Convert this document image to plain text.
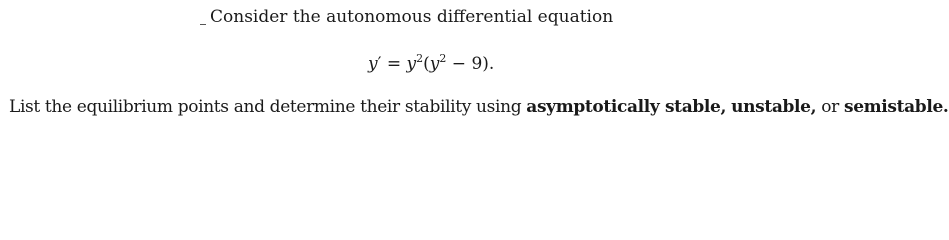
Consider the autonomous differential equation
$y' = y^2(y^2 - 9)$.
List the equilibrium points and determine their stability using asymptotically stable, unstable, or semistable.
